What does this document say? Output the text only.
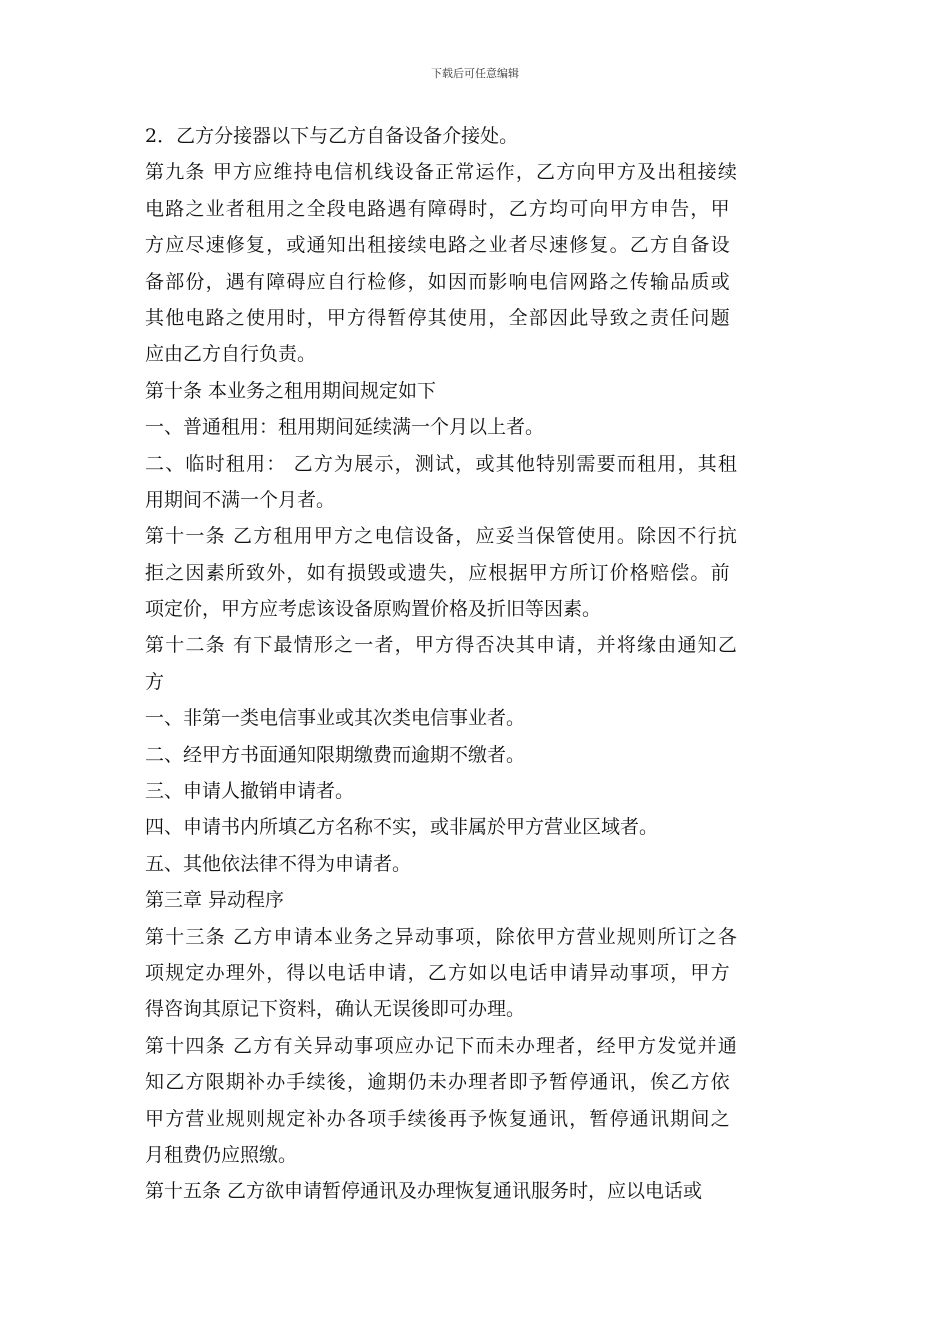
下载后可任意编辑
2．乙方分接器以下与乙方自备设备介接处。
第九条 甲方应维持电信机线设备正常运作，乙方向甲方及出租接续
电路之业者租用之全段电路遇有障碍时，乙方均可向甲方申告，甲
方应尽速修复，或通知出租接续电路之业者尽速修复。乙方自备设
备部份，遇有障碍应自行检修，如因而影响电信网路之传输品质或
其他电路之使用时，甲方得暂停其使用，全部因此导致之责任问题
应由乙方自行负责。
第十条 本业务之租用期间规定如下
一、普通租用：租用期间延续满一个月以上者。
二、临时租用： 乙方为展示，测试，或其他特别需要而租用，其租
用期间不满一个月者。
第十一条 乙方租用甲方之电信设备，应妥当保管使用。除因不行抗
拒之因素所致外，如有损毁或遗失，应根据甲方所订价格赔偿。前
项定价，甲方应考虑该设备原购置价格及折旧等因素。
第十二条 有下最情形之一者，甲方得否决其申请，并将缘由通知乙
方
一、非第一类电信事业或其次类电信事业者。
二、经甲方书面通知限期缴费而逾期不缴者。
三、申请人撤销申请者。
四、申请书内所填乙方名称不实，或非属於甲方营业区域者。
五、其他依法律不得为申请者。
第三章 异动程序
第十三条 乙方申请本业务之异动事项，除依甲方营业规则所订之各
项规定办理外，得以电话申请，乙方如以电话申请异动事项，甲方
得咨询其原记下资料，确认无误後即可办理。
第十四条 乙方有关异动事项应办记下而未办理者，经甲方发觉并通
知乙方限期补办手续後，逾期仍未办理者即予暂停通讯，俟乙方依
甲方营业规则规定补办各项手续後再予恢复通讯，暂停通讯期间之
月租费仍应照缴。
第十五条 乙方欲申请暂停通讯及办理恢复通讯服务时，应以电话或
